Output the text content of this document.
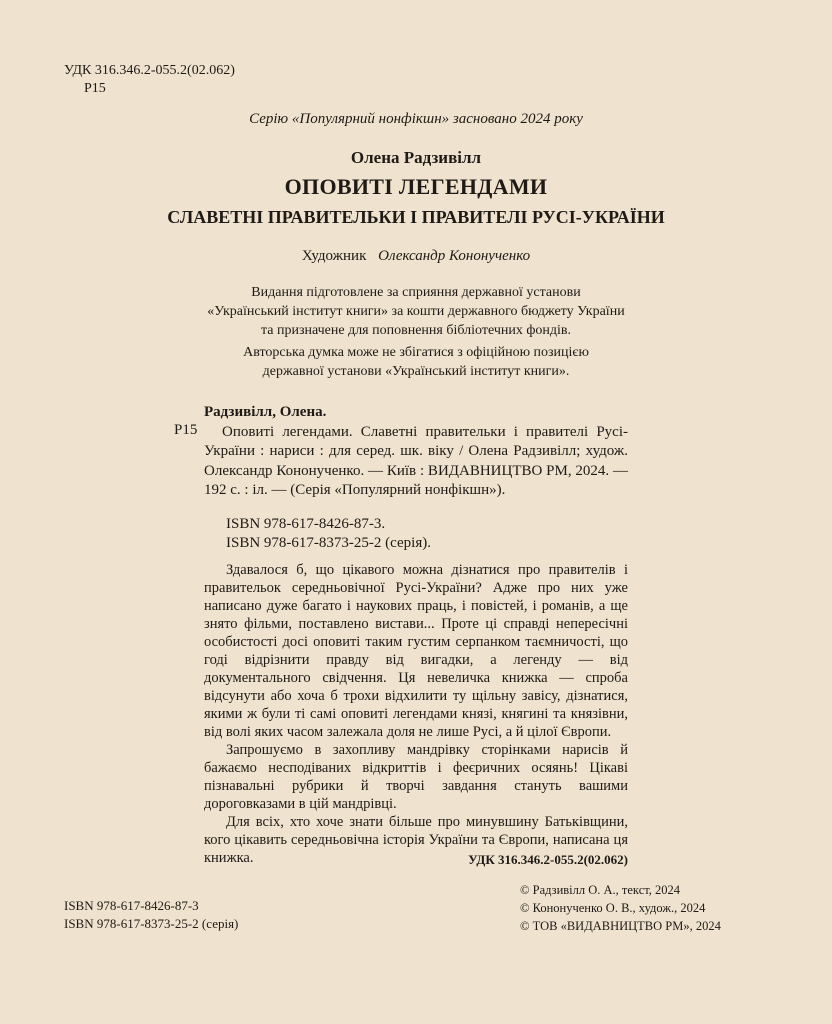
УДК 316.346.2-055.2(02.062)
Р15
Серію «Популярний нонфікшн» засновано 2024 року
Олена Радзивілл
ОПОВИТІ ЛЕГЕНДАМИ
СЛАВЕТНІ ПРАВИТЕЛЬКИ І ПРАВИТЕЛІ РУСІ-УКРАЇНИ
Художник Олександр Кононученко

Видання підготовлене за сприяння державної установи

«Український інститут книги» за кошти державного бюджету України

та призначене для поповнення бібліотечних фондів.

Авторська думка може не збігатися з офіційною позицією

державної установи «Український інститут книги».

Р15
Радзивілл, Олена.

Оповиті легендами. Славетні правительки і правителі Русі-України : нариси : для серед. шк. віку / Олена Радзивілл; худож. Олександр Кононученко. — Київ : ВИДАВНИЦТВО РМ, 2024. — 192 с. : іл. — (Серія «Популярний нонфікшн»).

ISBN 978-617-8426-87-3.
ISBN 978-617-8373-25-2 (серія).

Здавалося б, що цікавого можна дізнатися про правителів і правительок середньовічної Русі-України? Адже про них уже написано дуже багато і наукових праць, і повістей, і романів, а ще знято фільми, поставлено вистави... Проте ці справді непересічні особистості досі оповиті таким густим серпанком таємничості, що годі відрізнити правду від вигадки, а легенду — від документального свідчення. Ця невеличка книжка — спроба відсунути або хоча б трохи відхилити ту щільну завісу, дізнатися, якими ж були ті самі оповиті легендами князі, княгині та князівни, від волі яких часом залежала доля не лише Русі, а й цілої Європи.

Запрошуємо в захопливу мандрівку сторінками нарисів й бажаємо несподіваних відкриттів і феєричних осяянь! Цікаві пізнавальні рубрики й творчі завдання стануть вашими дороговказами в цій мандрівці.

Для всіх, хто хоче знати більше про минувшину Батьківщини, кого цікавить середньовічна історія України та Європи, написана ця книжка.	УДК 316.346.2-055.2(02.062)
ISBN 978-617-8426-87-3
ISBN 978-617-8373-25-2 (серія)
© Радзивілл О. А., текст, 2024
© Кононученко О. В., худож., 2024
© ТОВ «ВИДАВНИЦТВО РМ», 2024
